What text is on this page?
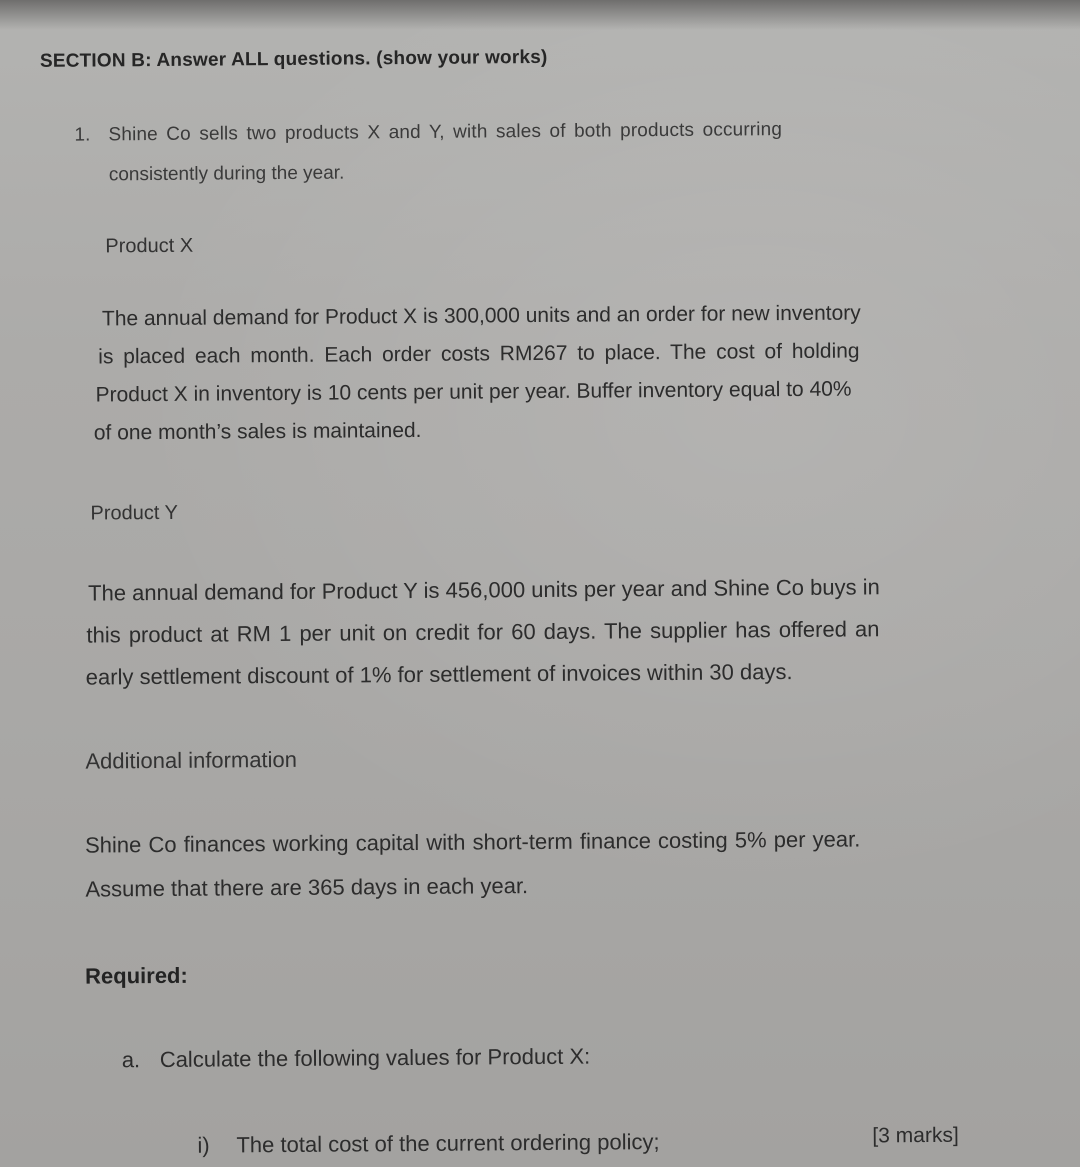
SECTION B: Answer ALL questions. (show your works)
1. Shine Co sells two products X and Y, with sales of both products occurring
consistently during the year.
Product X
The annual demand for Product X is 300,000 units and an order for new inventory
is placed each month. Each order costs RM267 to place. The cost of holding
Product X in inventory is 10 cents per unit per year. Buffer inventory equal to 40%
of one month’s sales is maintained.
Product Y
The annual demand for Product Y is 456,000 units per year and Shine Co buys in
this product at RM 1 per unit on credit for 60 days. The supplier has offered an
early settlement discount of 1% for settlement of invoices within 30 days.
Additional information
Shine Co finances working capital with short-term finance costing 5% per year.
Assume that there are 365 days in each year.
Required:
a. Calculate the following values for Product X:
i) The total cost of the current ordering policy;	[3 marks]
